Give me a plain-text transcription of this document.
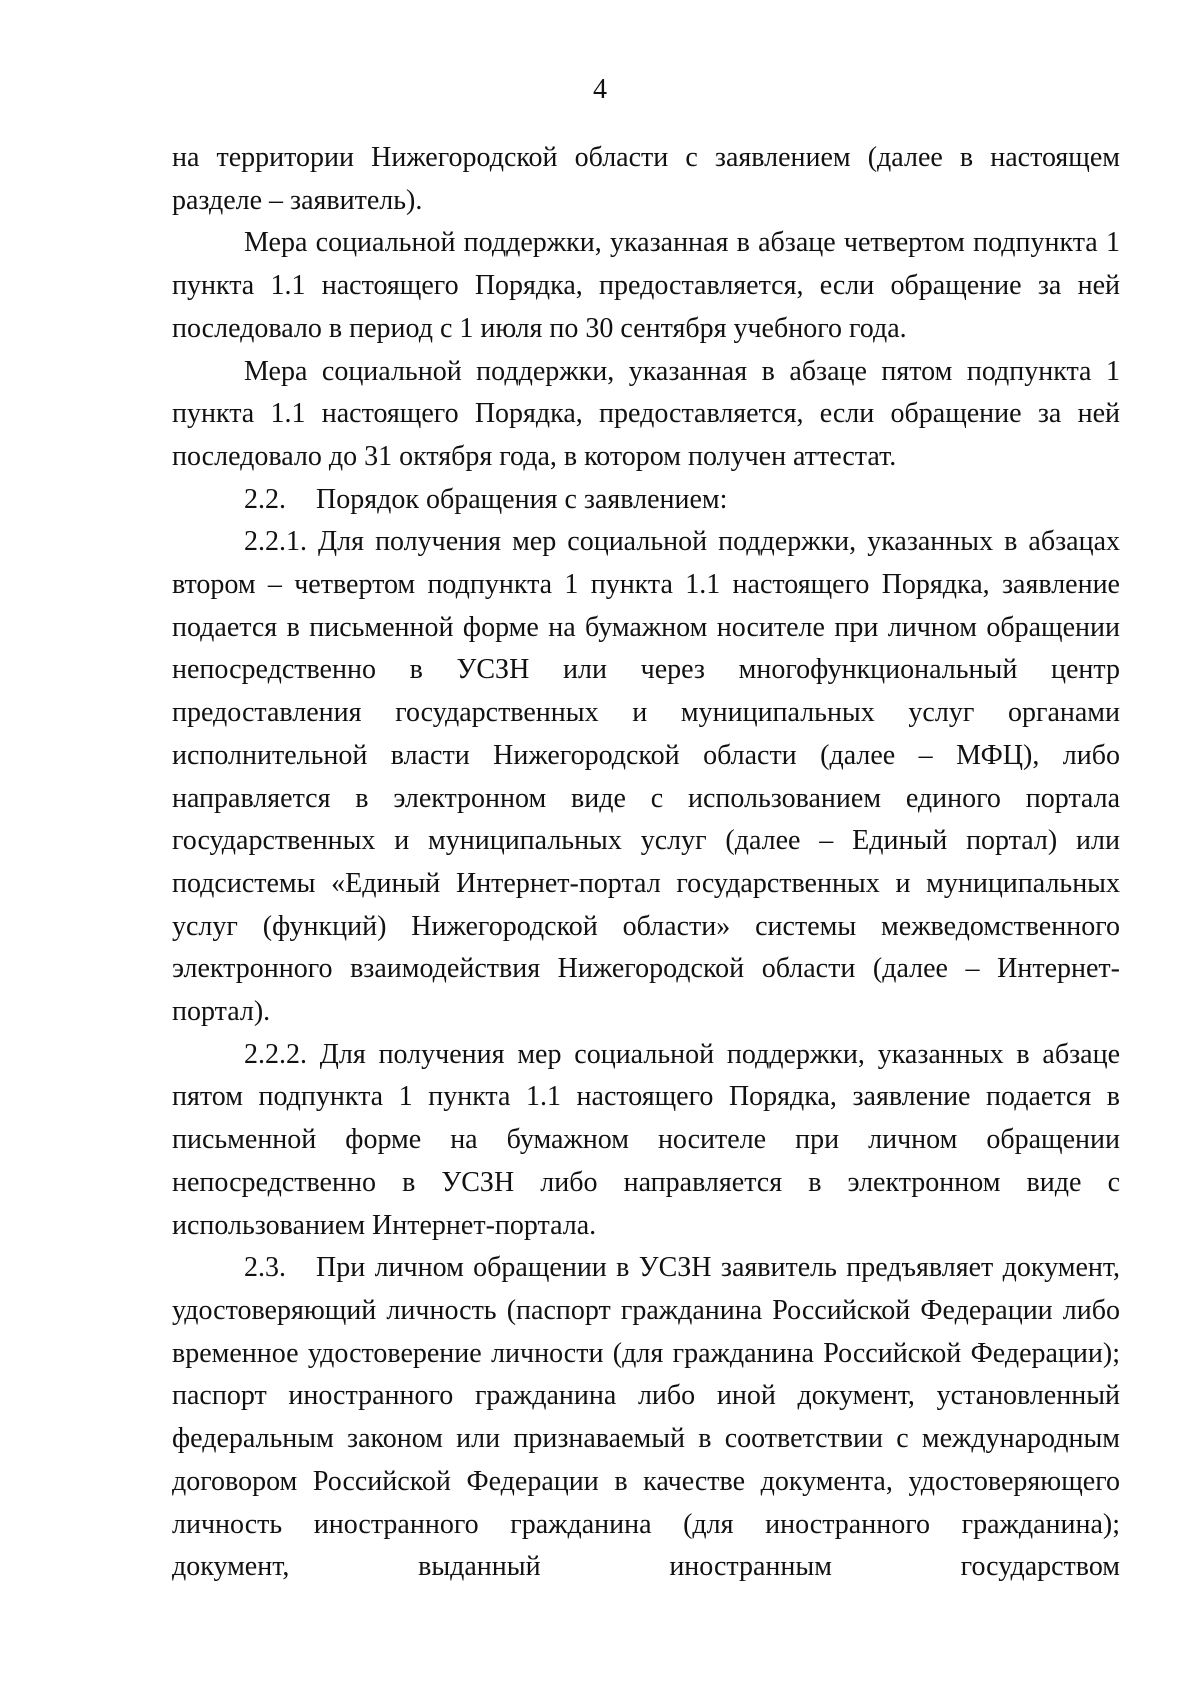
4

на территории Нижегородской области с заявлением (далее в настоящем разделе – заявитель).

Мера социальной поддержки, указанная в абзаце четвертом подпункта 1 пункта 1.1 настоящего Порядка, предоставляется, если обращение за ней последовало в период с 1 июля по 30 сентября учебного года.

Мера социальной поддержки, указанная в абзаце пятом подпункта 1 пункта 1.1 настоящего Порядка, предоставляется, если обращение за ней последовало до 31 октября года, в котором получен аттестат.

2.2. Порядок обращения с заявлением:

2.2.1. Для получения мер социальной поддержки, указанных в абзацах втором – четвертом подпункта 1 пункта 1.1 настоящего Порядка, заявление подается в письменной форме на бумажном носителе при личном обращении непосредственно в УСЗН или через многофункциональный центр предоставления государственных и муниципальных услуг органами исполнительной власти Нижегородской области (далее – МФЦ), либо направляется в электронном виде с использованием единого портала государственных и муниципальных услуг (далее – Единый портал) или подсистемы «Единый Интернет-портал государственных и муниципальных услуг (функций) Нижегородской области» системы межведомственного электронного взаимодействия Нижегородской области (далее – Интернет-портал).

2.2.2. Для получения мер социальной поддержки, указанных в абзаце пятом подпункта 1 пункта 1.1 настоящего Порядка, заявление подается в письменной форме на бумажном носителе при личном обращении непосредственно в УСЗН либо направляется в электронном виде с использованием Интернет-портала.

2.3. При личном обращении в УСЗН заявитель предъявляет документ, удостоверяющий личность (паспорт гражданина Российской Федерации либо временное удостоверение личности (для гражданина Российской Федерации); паспорт иностранного гражданина либо иной документ, установленный федеральным законом или признаваемый в соответствии с международным договором Российской Федерации в качестве документа, удостоверяющего личность иностранного гражданина (для иностранного гражданина); документ, выданный иностранным государством
